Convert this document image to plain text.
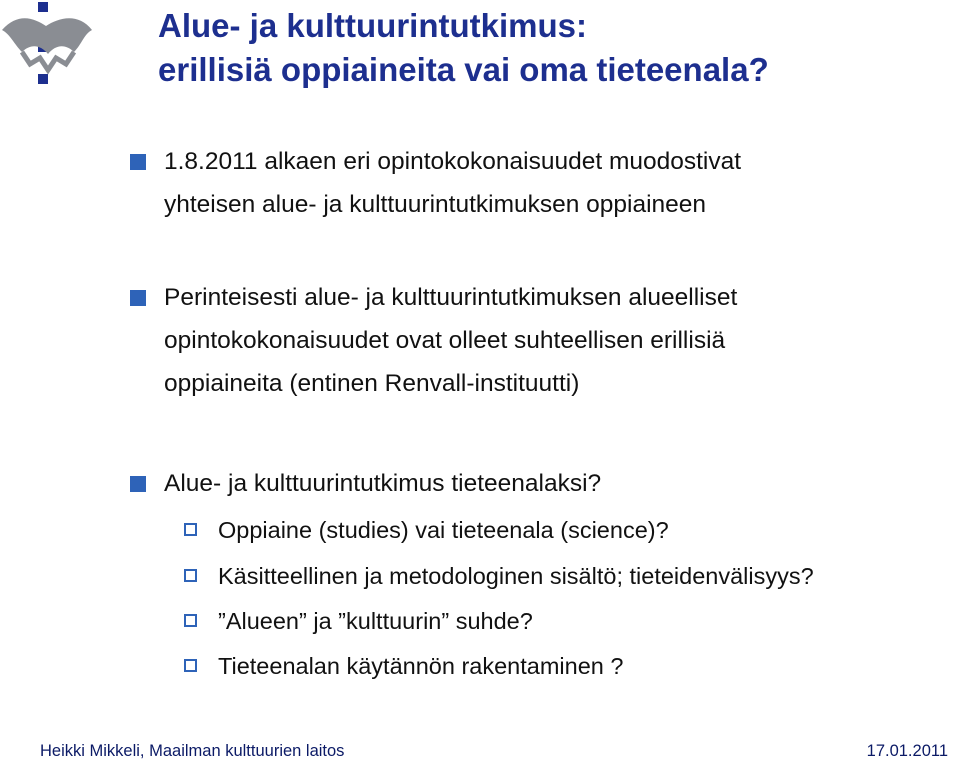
Alue- ja kulttuurintutkimus:
erillisiä oppiaineita vai oma tieteenala?
1.8.2011 alkaen eri opintokokonaisuudet muodostivat
yhteisen alue- ja kulttuurintutkimuksen oppiaineen
Perinteisesti alue- ja kulttuurintutkimuksen alueelliset
opintokokonaisuudet ovat olleet suhteellisen erillisiä
oppiaineita (entinen Renvall-instituutti)
Alue- ja kulttuurintutkimus tieteenalaksi?
Oppiaine (studies) vai tieteenala (science)?
Käsitteellinen ja metodologinen sisältö; tieteidenvälisyys?
”Alueen” ja ”kulttuurin” suhde?
Tieteenalan käytännön rakentaminen ?
Heikki Mikkeli, Maailman kulttuurien laitos	17.01.2011
